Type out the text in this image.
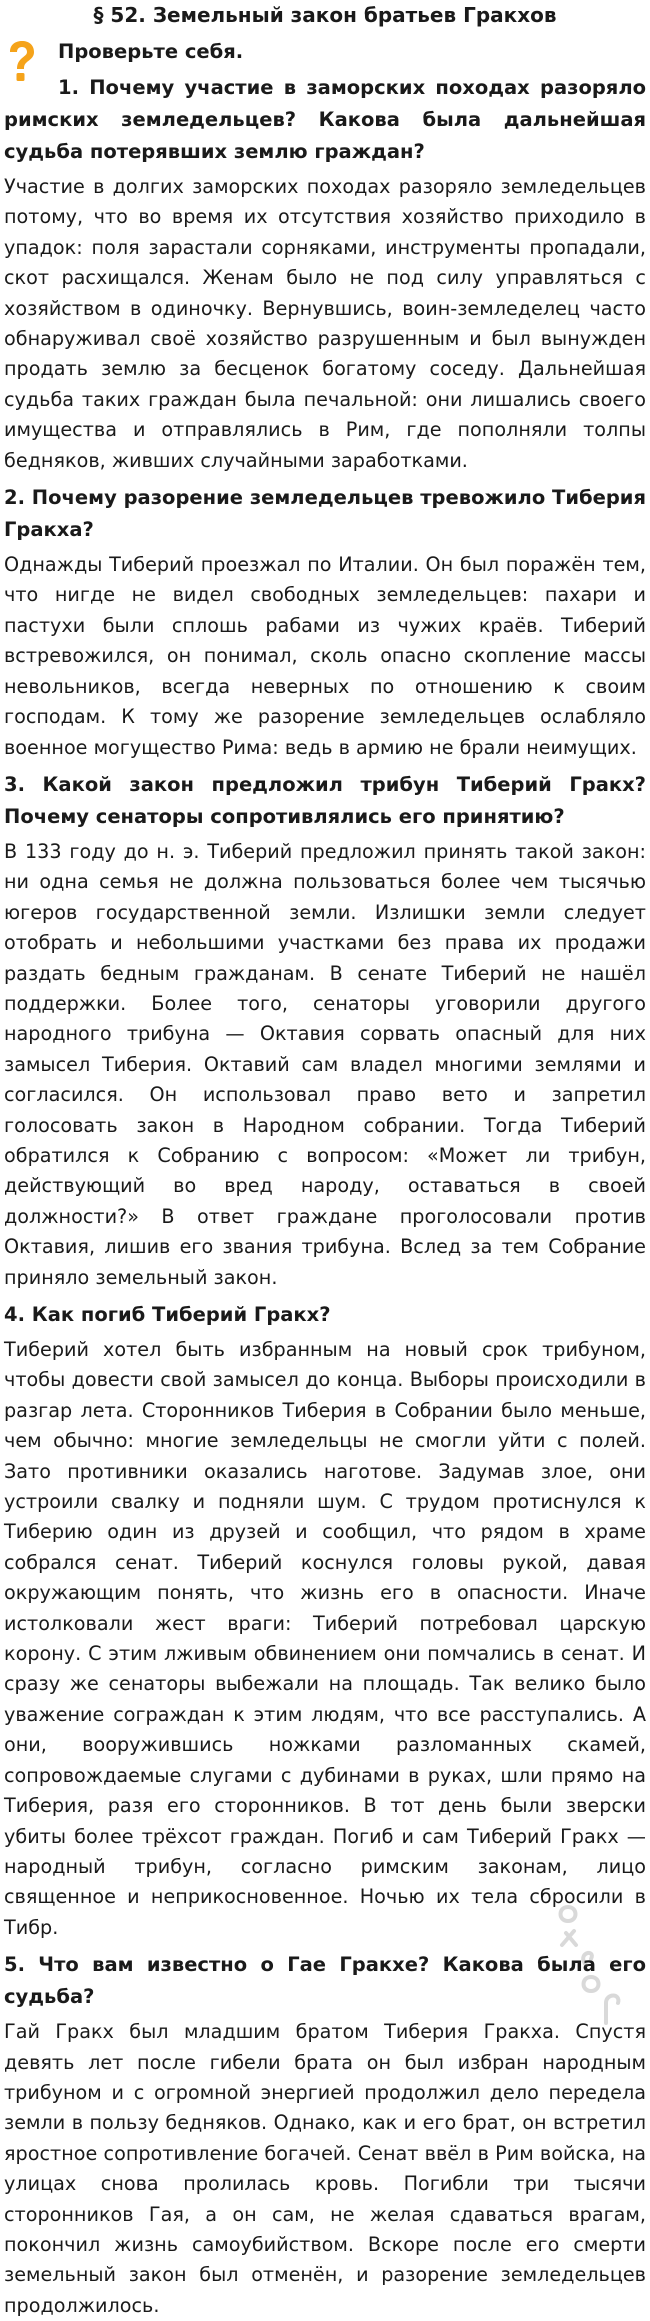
§ 52. Земельный закон братьев Гракхов

Проверьте себя.

1. Почему участие в заморских походах разоряло римских земледельцев? Какова была дальнейшая судьба потерявших землю граждан?

Участие в долгих заморских походах разоряло земледельцев потому, что во время их отсутствия хозяйство приходило в упадок: поля зарастали сорняками, инструменты пропадали, скот расхищался. Женам было не под силу управляться с хозяйством в одиночку. Вернувшись, воин-земледелец часто обнаруживал своё хозяйство разрушенным и был вынужден продать землю за бесценок богатому соседу. Дальнейшая судьба таких граждан была печальной: они лишались своего имущества и отправлялись в Рим, где пополняли толпы бедняков, живших случайными заработками.

2. Почему разорение земледельцев тревожило Тиберия Гракха?

Однажды Тиберий проезжал по Италии. Он был поражён тем, что нигде не видел свободных земледельцев: пахари и пастухи были сплошь рабами из чужих краёв. Тиберий встревожился, он понимал, сколь опасно скопление массы невольников, всегда неверных по отношению к своим господам. К тому же разорение земледельцев ослабляло военное могущество Рима: ведь в армию не брали неимущих.

3. Какой закон предложил трибун Тиберий Гракх? Почему сенаторы сопротивлялись его принятию?

В 133 году до н. э. Тиберий предложил принять такой закон: ни одна семья не должна пользоваться более чем тысячью югеров государственной земли. Излишки земли следует отобрать и небольшими участками без права их продажи раздать бедным гражданам. В сенате Тиберий не нашёл поддержки. Более того, сенаторы уговорили другого народного трибуна — Октавия сорвать опасный для них замысел Тиберия. Октавий сам владел многими землями и согласился. Он использовал право вето и запретил голосовать закон в Народном собрании. Тогда Тиберий обратился к Собранию с вопросом: «Может ли трибун, действующий во вред народу, оставаться в своей должности?» В ответ граждане проголосовали против Октавия, лишив его звания трибуна. Вслед за тем Собрание приняло земельный закон.

4. Как погиб Тиберий Гракх?

Тиберий хотел быть избранным на новый срок трибуном, чтобы довести свой замысел до конца. Выборы происходили в разгар лета. Сторонников Тиберия в Собрании было меньше, чем обычно: многие земледельцы не смогли уйти с полей. Зато противники оказались наготове. Задумав злое, они устроили свалку и подняли шум. С трудом протиснулся к Тиберию один из друзей и сообщил, что рядом в храме собрался сенат. Тиберий коснулся головы рукой, давая окружающим понять, что жизнь его в опасности. Иначе истолковали жест враги: Тиберий потребовал царскую корону. С этим лживым обвинением они помчались в сенат. И сразу же сенаторы выбежали на площадь. Так велико было уважение сограждан к этим людям, что все расступались. А они, вооружившись ножками разломанных скамей, сопровождаемые слугами с дубинами в руках, шли прямо на Тиберия, разя его сторонников. В тот день были зверски убиты более трёхсот граждан. Погиб и сам Тиберий Гракх — народный трибун, согласно римским законам, лицо священное и неприкосновенное. Ночью их тела сбросили в Тибр.

5. Что вам известно о Гае Гракхе? Какова была его судьба?

Гай Гракх был младшим братом Тиберия Гракха. Спустя девять лет после гибели брата он был избран народным трибуном и с огромной энергией продолжил дело передела земли в пользу бедняков. Однако, как и его брат, он встретил яростное сопротивление богачей. Сенат ввёл в Рим войска, на улицах снова пролилась кровь. Погибли три тысячи сторонников Гая, а он сам, не желая сдаваться врагам, покончил жизнь самоубийством. Вскоре после его смерти земельный закон был отменён, и разорение земледельцев продолжилось.
